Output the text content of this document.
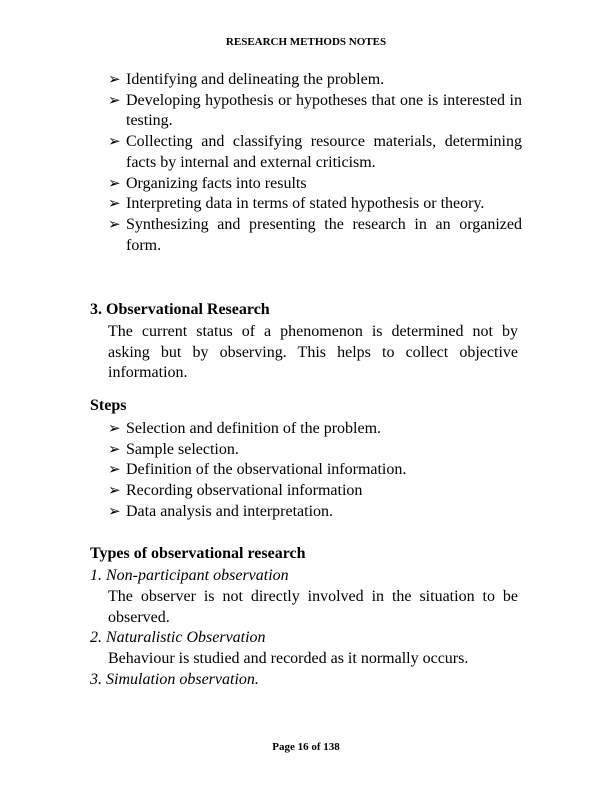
RESEARCH METHODS NOTES
➢ Identifying and delineating the problem.
➢ Developing hypothesis or hypotheses that one is interested in testing.
➢ Collecting and classifying resource materials, determining facts by internal and external criticism.
➢ Organizing facts into results
➢ Interpreting data in terms of stated hypothesis or theory.
➢ Synthesizing and presenting the research in an organized form.
3. Observational Research
The current status of a phenomenon is determined not by asking but by observing. This helps to collect objective information.
Steps
➢ Selection and definition of the problem.
➢ Sample selection.
➢ Definition of the observational information.
➢ Recording observational information
➢ Data analysis and interpretation.
Types of observational research
1. Non-participant observation
The observer is not directly involved in the situation to be observed.
2. Naturalistic Observation
Behaviour is studied and recorded as it normally occurs.
3. Simulation observation.
Page 16 of 138
